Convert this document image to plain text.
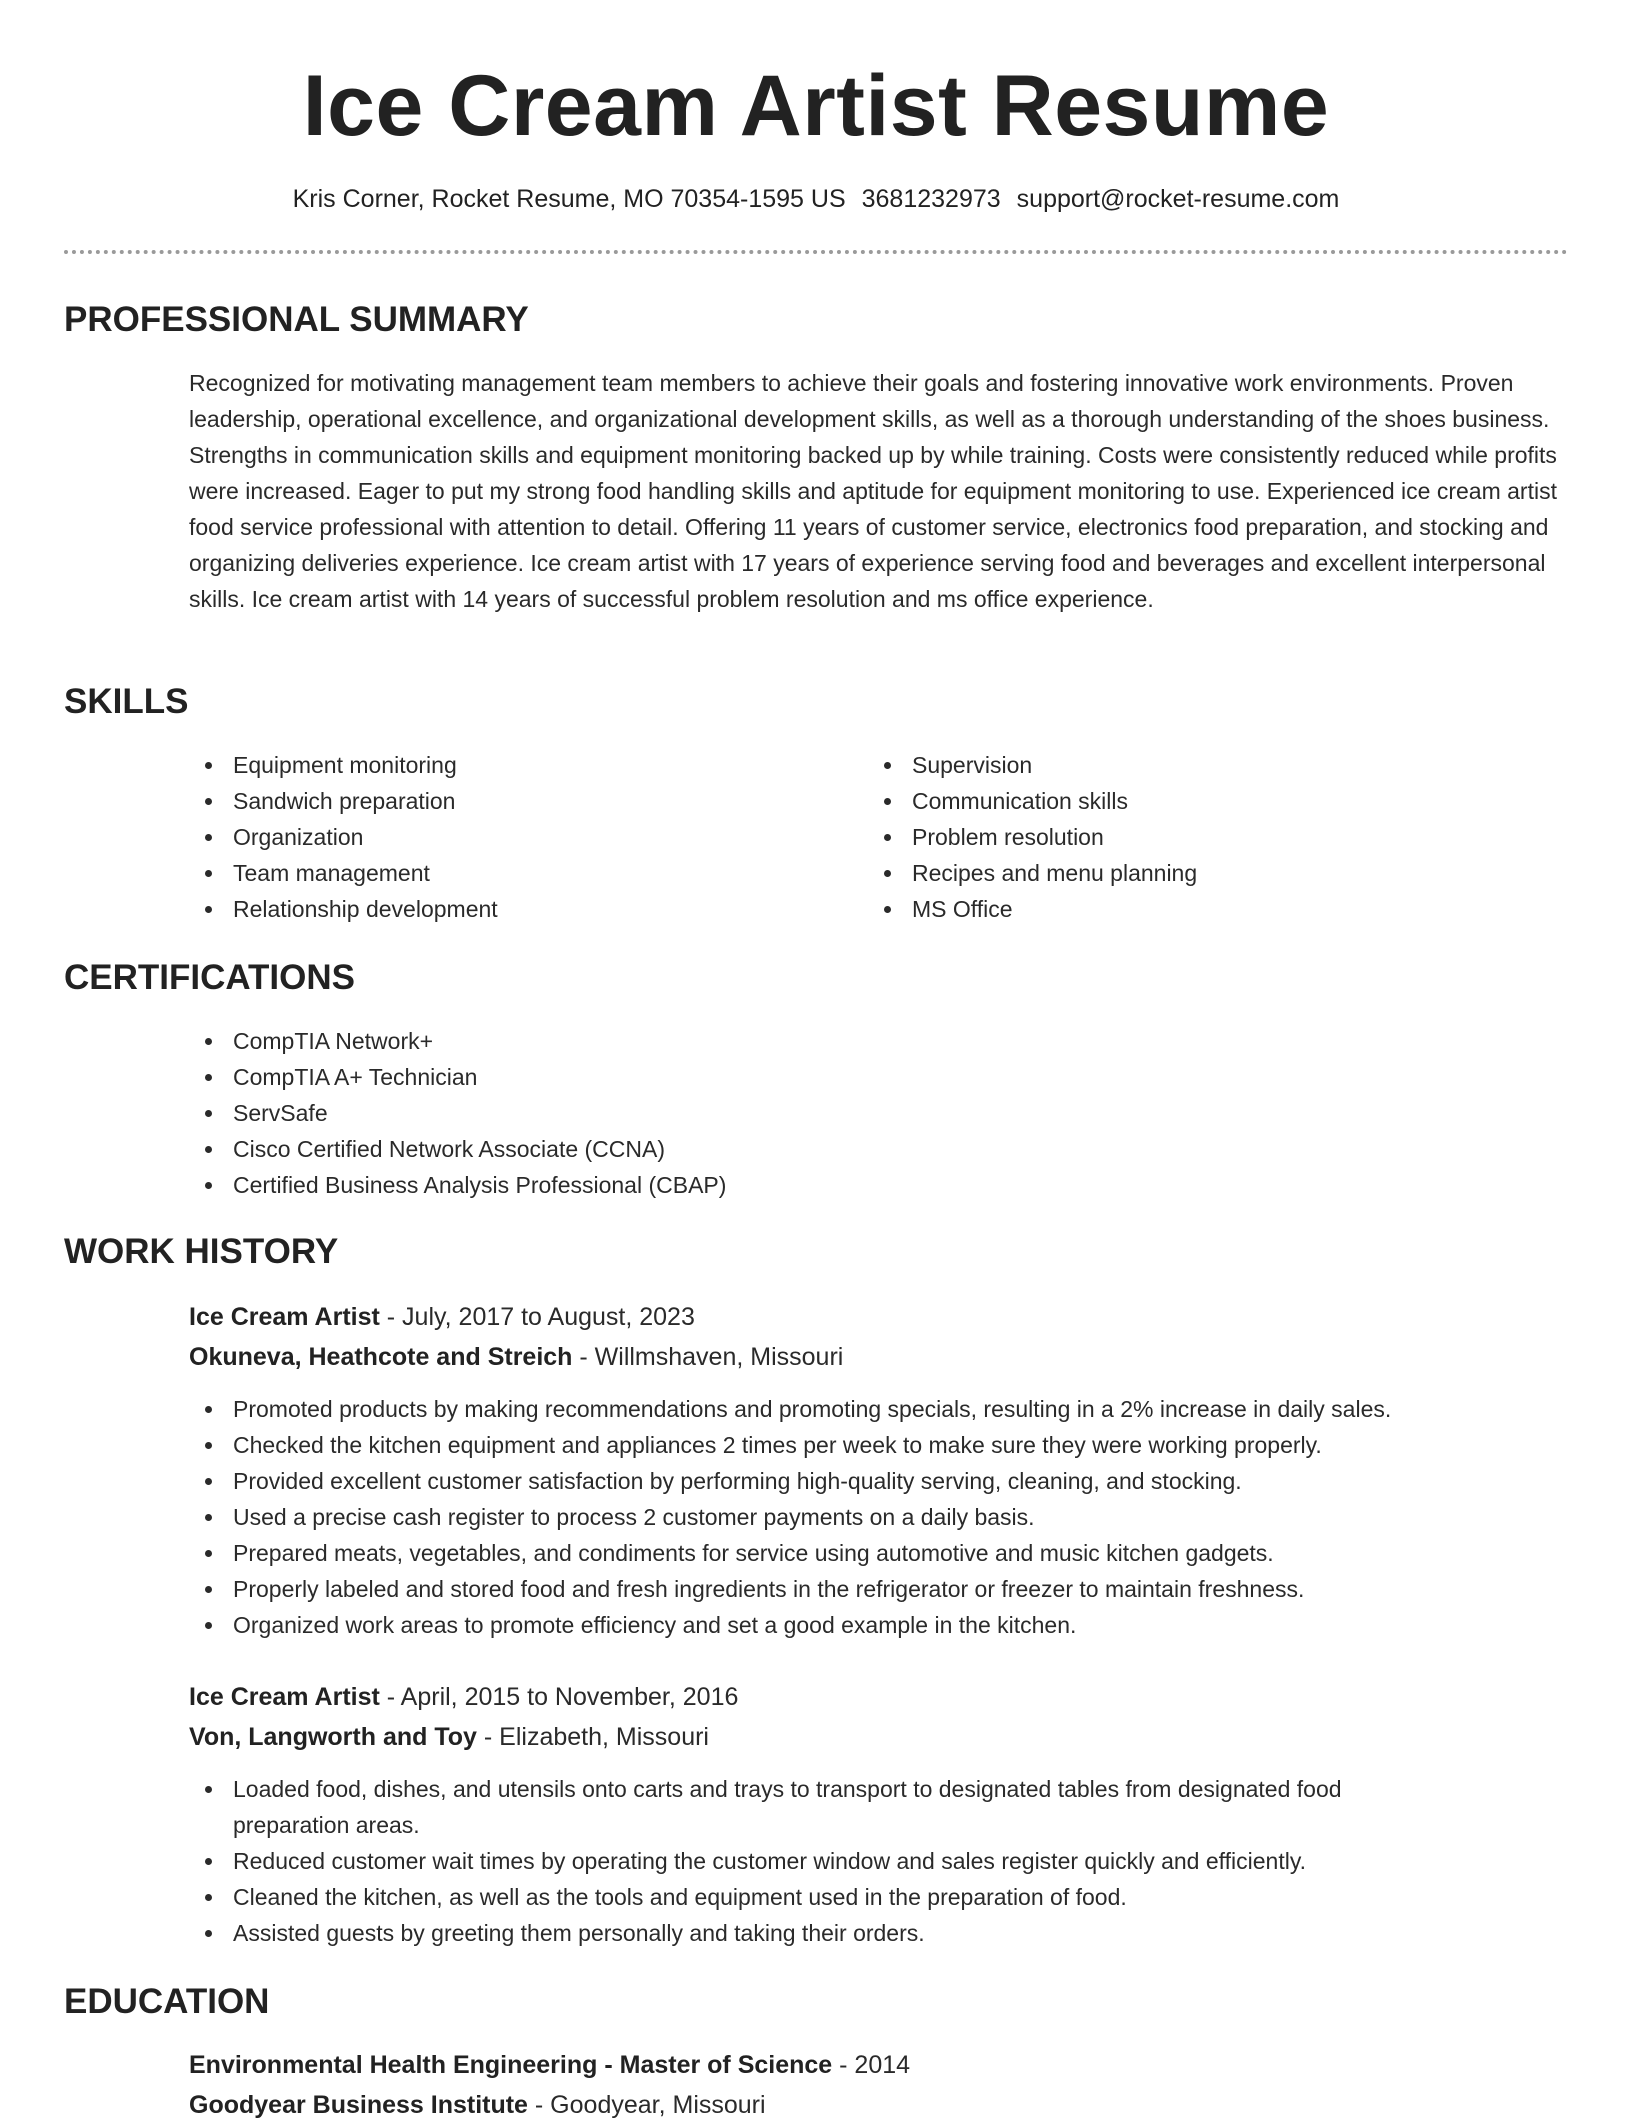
Ice Cream Artist Resume
Kris Corner, Rocket Resume, MO 70354-1595 US 3681232973 support@rocket-resume.com
PROFESSIONAL SUMMARY

Recognized for motivating management team members to achieve their goals and fostering innovative work environments. Proven leadership, operational excellence, and organizational development skills, as well as a thorough understanding of the shoes business. Strengths in communication skills and equipment monitoring backed up by while training. Costs were consistently reduced while profits were increased. Eager to put my strong food handling skills and aptitude for equipment monitoring to use. Experienced ice cream artist food service professional with attention to detail. Offering 11 years of customer service, electronics food preparation, and stocking and organizing deliveries experience. Ice cream artist with 17 years of experience serving food and beverages and excellent interpersonal skills. Ice cream artist with 14 years of successful problem resolution and ms office experience.

SKILLS
Equipment monitoring
Sandwich preparation
Organization
Team management
Relationship development
Supervision
Communication skills
Problem resolution
Recipes and menu planning
MS Office
CERTIFICATIONS
CompTIA Network+
CompTIA A+ Technician
ServSafe
Cisco Certified Network Associate (CCNA)
Certified Business Analysis Professional (CBAP)
WORK HISTORY
Ice Cream Artist - July, 2017 to August, 2023
Okuneva, Heathcote and Streich - Willmshaven, Missouri
Promoted products by making recommendations and promoting specials, resulting in a 2% increase in daily sales.
Checked the kitchen equipment and appliances 2 times per week to make sure they were working properly.
Provided excellent customer satisfaction by performing high-quality serving, cleaning, and stocking.
Used a precise cash register to process 2 customer payments on a daily basis.
Prepared meats, vegetables, and condiments for service using automotive and music kitchen gadgets.
Properly labeled and stored food and fresh ingredients in the refrigerator or freezer to maintain freshness.
Organized work areas to promote efficiency and set a good example in the kitchen.
Ice Cream Artist - April, 2015 to November, 2016
Von, Langworth and Toy - Elizabeth, Missouri
Loaded food, dishes, and utensils onto carts and trays to transport to designated tables from designated food preparation areas.
Reduced customer wait times by operating the customer window and sales register quickly and efficiently.
Cleaned the kitchen, as well as the tools and equipment used in the preparation of food.
Assisted guests by greeting them personally and taking their orders.
EDUCATION
Environmental Health Engineering - Master of Science - 2014
Goodyear Business Institute - Goodyear, Missouri
